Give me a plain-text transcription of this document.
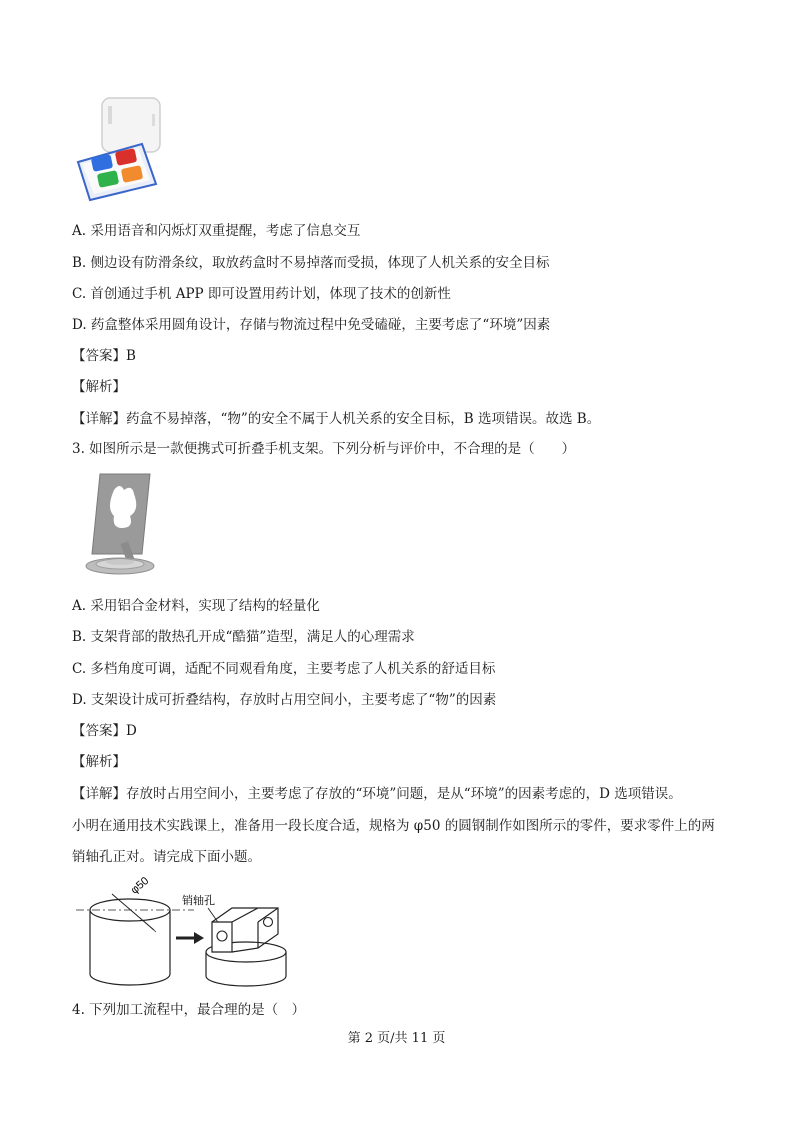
A. 采用语音和闪烁灯双重提醒，考虑了信息交互
B. 侧边设有防滑条纹，取放药盒时不易掉落而受损，体现了人机关系的安全目标
C. 首创通过手机 APP 即可设置用药计划，体现了技术的创新性
D. 药盒整体采用圆角设计，存储与物流过程中免受磕碰，主要考虑了“环境”因素
【答案】B
【解析】
【详解】药盒不易掉落，“物”的安全不属于人机关系的安全目标，B 选项错误。故选 B。
3. 如图所示是一款便携式可折叠手机支架。下列分析与评价中，不合理的是（　　）
A. 采用铝合金材料，实现了结构的轻量化
B. 支架背部的散热孔开成“酷猫”造型，满足人的心理需求
C. 多档角度可调，适配不同观看角度，主要考虑了人机关系的舒适目标
D. 支架设计成可折叠结构，存放时占用空间小，主要考虑了“物”的因素
【答案】D
【解析】
【详解】存放时占用空间小，主要考虑了存放的“环境”问题，是从“环境”的因素考虑的，D 选项错误。
小明在通用技术实践课上，准备用一段长度合适，规格为 φ50 的圆钢制作如图所示的零件，要求零件上的两
销轴孔正对。请完成下面小题。
φ50
销轴孔
4. 下列加工流程中，最合理的是（　）
第 2 页/共 11 页
